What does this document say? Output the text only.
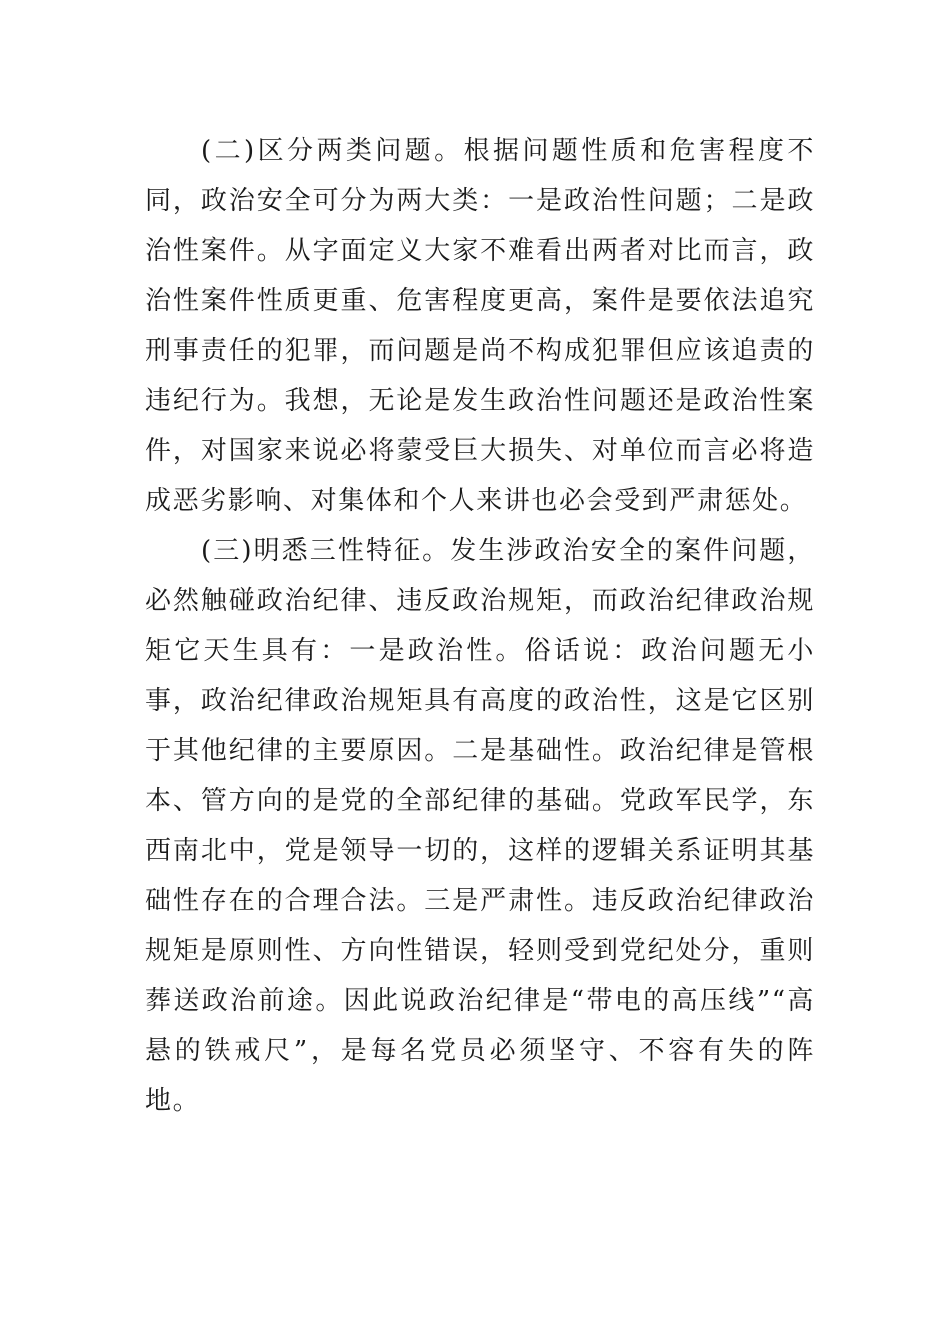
(二)区分两类问题。根据问题性质和危害程度不同，政治安全可分为两大类：一是政治性问题；二是政治性案件。从字面定义大家不难看出两者对比而言，政治性案件性质更重、危害程度更高，案件是要依法追究刑事责任的犯罪，而问题是尚不构成犯罪但应该追责的违纪行为。我想，无论是发生政治性问题还是政治性案件，对国家来说必将蒙受巨大损失、对单位而言必将造成恶劣影响、对集体和个人来讲也必会受到严肃惩处。

(三)明悉三性特征。发生涉政治安全的案件问题，必然触碰政治纪律、违反政治规矩，而政治纪律政治规矩它天生具有：一是政治性。俗话说：政治问题无小事，政治纪律政治规矩具有高度的政治性，这是它区别于其他纪律的主要原因。二是基础性。政治纪律是管根本、管方向的是党的全部纪律的基础。党政军民学，东西南北中，党是领导一切的，这样的逻辑关系证明其基础性存在的合理合法。三是严肃性。违反政治纪律政治规矩是原则性、方向性错误，轻则受到党纪处分，重则葬送政治前途。因此说政治纪律是“带电的高压线”“高悬的铁戒尺”，是每名党员必须坚守、不容有失的阵地。
